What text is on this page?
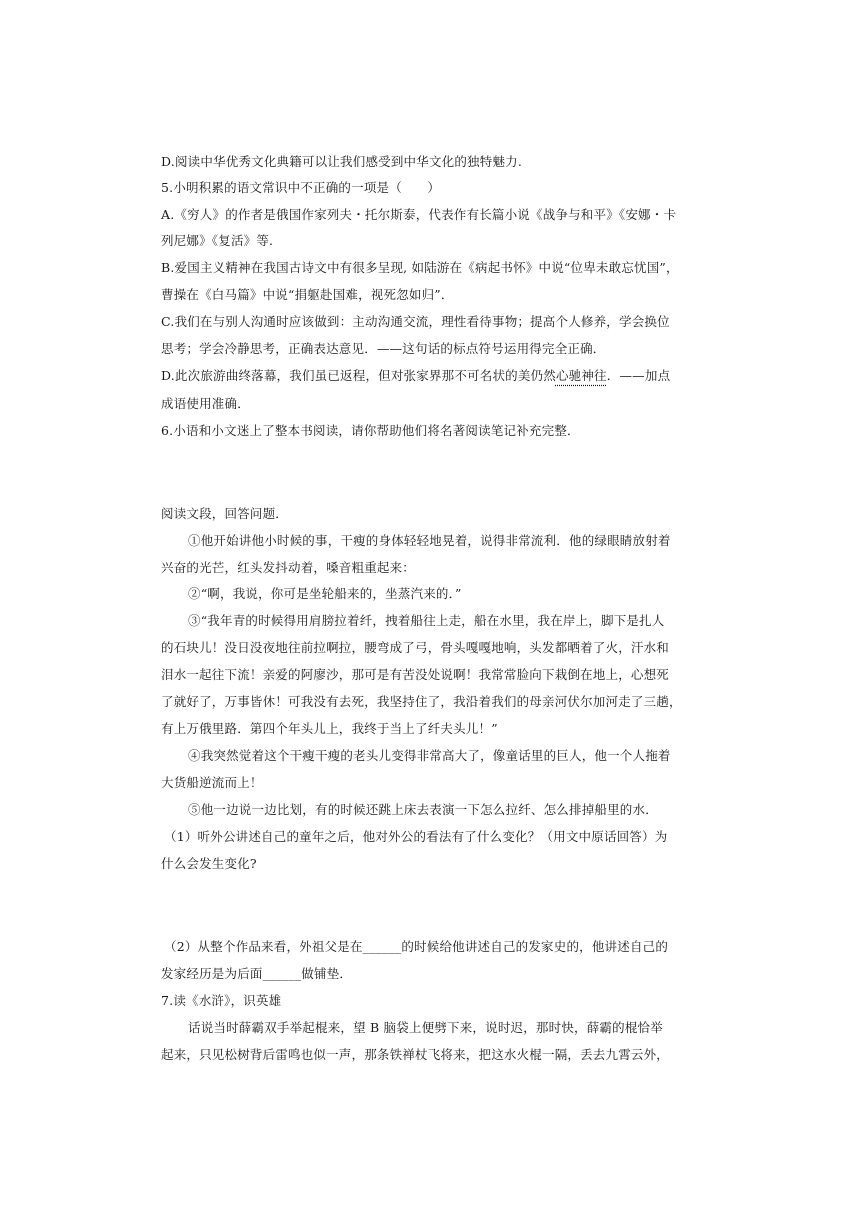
D.阅读中华优秀文化典籍可以让我们感受到中华文化的独特魅力.
5.小明积累的语文常识中不正确的一项是（　　）
A.《穷人》的作者是俄国作家列夫・托尔斯泰，代表作有长篇小说《战争与和平》《安娜・卡
列尼娜》《复活》等.
B.爱国主义精神在我国古诗文中有很多呈现, 如陆游在《病起书怀》中说“位卑未敢忘忧国”，
曹操在《白马篇》中说“捐躯赴国难，视死忽如归”．
C.我们在与别人沟通时应该做到：主动沟通交流，理性看待事物；提高个人修养，学会换位
思考；学会冷静思考，正确表达意见．——这句话的标点符号运用得完全正确．
D.此次旅游曲终落幕，我们虽已返程，但对张家界那不可名状的美仍然心驰神往．——加点
成语使用准确．
6.小语和小文迷上了整本书阅读，请你帮助他们将名著阅读笔记补充完整．
阅读文段，回答问题．
①他开始讲他小时候的事，干瘦的身体轻轻地晃着，说得非常流利．他的绿眼睛放射着
兴奋的光芒，红头发抖动着，嗓音粗重起来：
②“啊，我说，你可是坐轮船来的，坐蒸汽来的．”
③“我年青的时候得用肩膀拉着纤，拽着船往上走，船在水里，我在岸上，脚下是扎人
的石块儿！没日没夜地往前拉啊拉，腰弯成了弓，骨头嘎嘎地响，头发都晒着了火，汗水和
泪水一起往下流！亲爱的阿廖沙，那可是有苦没处说啊！我常常脸向下栽倒在地上，心想死
了就好了，万事皆休！可我没有去死，我坚持住了，我沿着我们的母亲河伏尔加河走了三趟，
有上万俄里路．第四个年头儿上，我终于当上了纤夫头儿！”
④我突然觉着这个干瘦干瘦的老头儿变得非常高大了，像童话里的巨人，他一个人拖着
大货船逆流而上！
⑤他一边说一边比划，有的时候还跳上床去表演一下怎么拉纤、怎么排掉船里的水．
（1）听外公讲述自己的童年之后，他对外公的看法有了什么变化？（用文中原话回答）为
什么会发生变化?
（2）从整个作品来看，外祖父是在______的时候给他讲述自己的发家史的，他讲述自己的
发家经历是为后面______做铺垫．
7.读《水浒》，识英雄
话说当时薛霸双手举起棍来，望 B 脑袋上便劈下来，说时迟，那时快，薛霸的棍恰举
起来，只见松树背后雷鸣也似一声，那条铁禅杖飞将来，把这水火棍一隔，丢去九霄云外，
